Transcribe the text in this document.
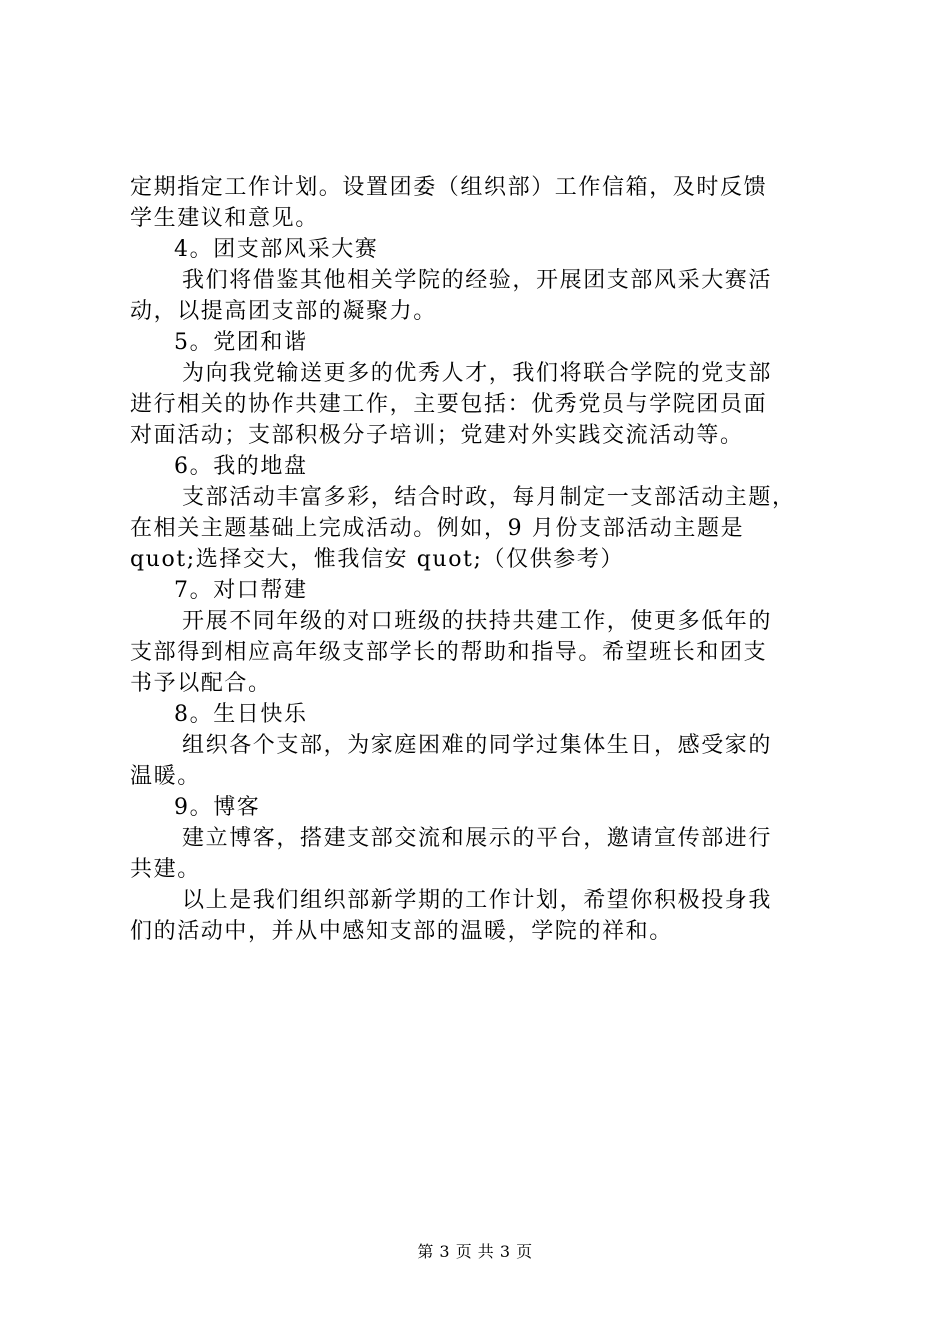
定期指定工作计划。设置团委（组织部）工作信箱，及时反馈
学生建议和意见。
4。团支部风采大赛
我们将借鉴其他相关学院的经验，开展团支部风采大赛活
动，以提高团支部的凝聚力。
5。党团和谐
为向我党输送更多的优秀人才，我们将联合学院的党支部
进行相关的协作共建工作，主要包括：优秀党员与学院团员面
对面活动；支部积极分子培训；党建对外实践交流活动等。
6。我的地盘
支部活动丰富多彩，结合时政，每月制定一支部活动主题，
在相关主题基础上完成活动。例如，9 月份支部活动主题是
quot;选择交大，惟我信安 quot;（仅供参考）
7。对口帮建
开展不同年级的对口班级的扶持共建工作，使更多低年的
支部得到相应高年级支部学长的帮助和指导。希望班长和团支
书予以配合。
8。生日快乐
组织各个支部，为家庭困难的同学过集体生日，感受家的
温暖。
9。博客
建立博客，搭建支部交流和展示的平台，邀请宣传部进行
共建。
以上是我们组织部新学期的工作计划，希望你积极投身我
们的活动中，并从中感知支部的温暖，学院的祥和。
第 3 页 共 3 页
